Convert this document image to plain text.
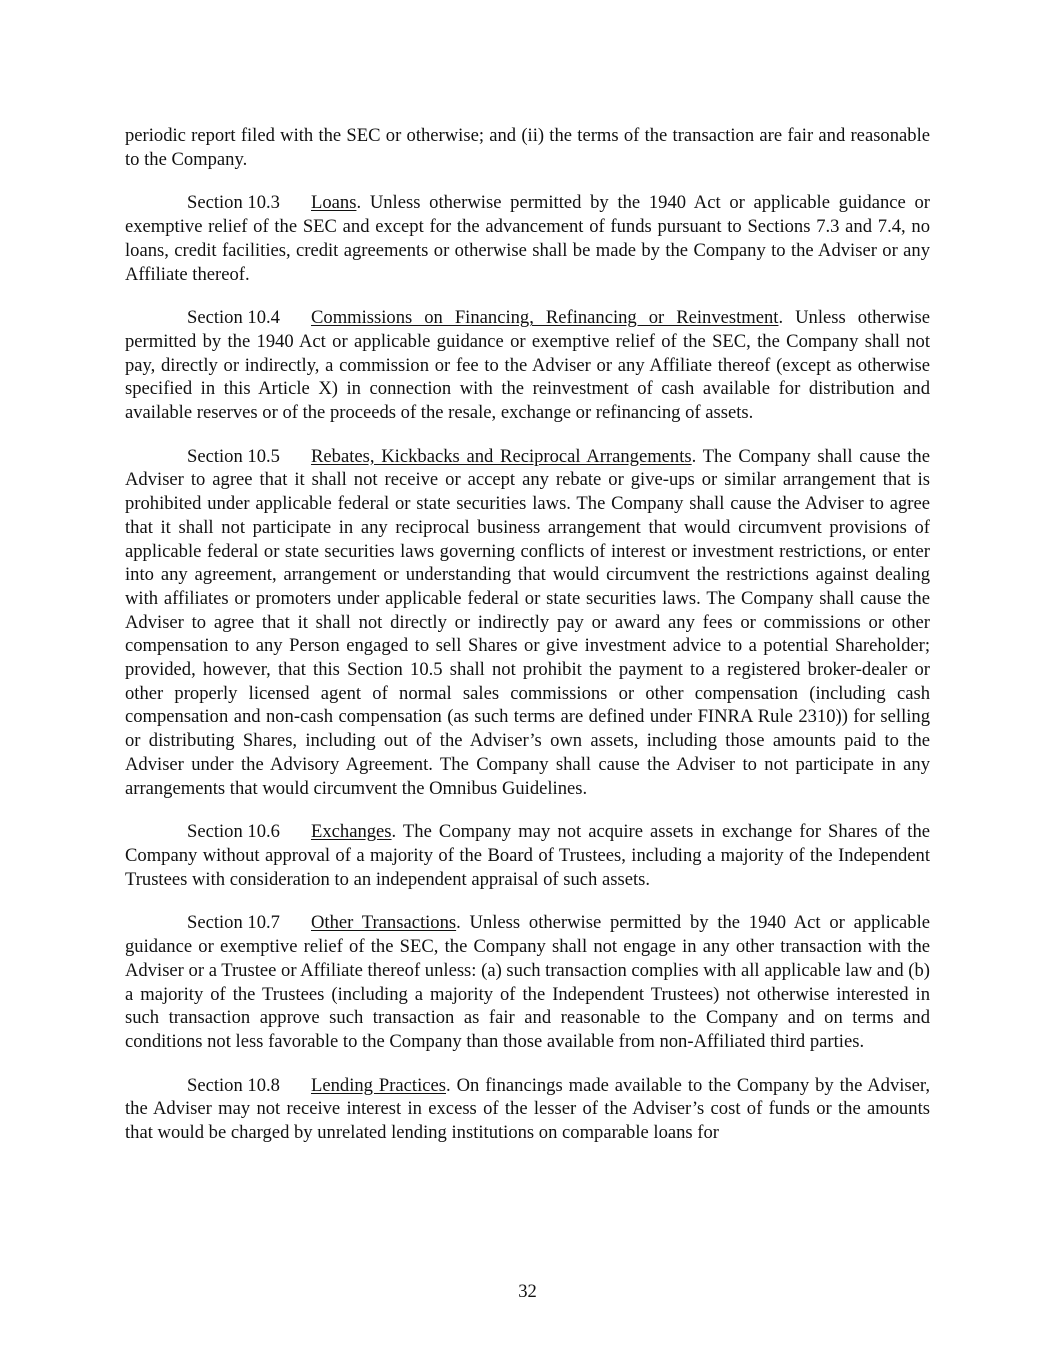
periodic report filed with the SEC or otherwise; and (ii) the terms of the transaction are fair and reasonable to the Company.

Section 10.3 Loans. Unless otherwise permitted by the 1940 Act or applicable guidance or exemptive relief of the SEC and except for the advancement of funds pursuant to Sections 7.3 and 7.4, no loans, credit facilities, credit agreements or otherwise shall be made by the Company to the Adviser or any Affiliate thereof.

Section 10.4 Commissions on Financing, Refinancing or Reinvestment. Unless otherwise permitted by the 1940 Act or applicable guidance or exemptive relief of the SEC, the Company shall not pay, directly or indirectly, a commission or fee to the Adviser or any Affiliate thereof (except as otherwise specified in this Article X) in connection with the reinvestment of cash available for distribution and available reserves or of the proceeds of the resale, exchange or refinancing of assets.

Section 10.5 Rebates, Kickbacks and Reciprocal Arrangements. The Company shall cause the Adviser to agree that it shall not receive or accept any rebate or give-ups or similar arrangement that is prohibited under applicable federal or state securities laws. The Company shall cause the Adviser to agree that it shall not participate in any reciprocal business arrangement that would circumvent provisions of applicable federal or state securities laws governing conflicts of interest or investment restrictions, or enter into any agreement, arrangement or understanding that would circumvent the restrictions against dealing with affiliates or promoters under applicable federal or state securities laws. The Company shall cause the Adviser to agree that it shall not directly or indirectly pay or award any fees or commissions or other compensation to any Person engaged to sell Shares or give investment advice to a potential Shareholder; provided, however, that this Section 10.5 shall not prohibit the payment to a registered broker-dealer or other properly licensed agent of normal sales commissions or other compensation (including cash compensation and non-cash compensation (as such terms are defined under FINRA Rule 2310)) for selling or distributing Shares, including out of the Adviser’s own assets, including those amounts paid to the Adviser under the Advisory Agreement. The Company shall cause the Adviser to not participate in any arrangements that would circumvent the Omnibus Guidelines.

Section 10.6 Exchanges. The Company may not acquire assets in exchange for Shares of the Company without approval of a majority of the Board of Trustees, including a majority of the Independent Trustees with consideration to an independent appraisal of such assets.

Section 10.7 Other Transactions. Unless otherwise permitted by the 1940 Act or applicable guidance or exemptive relief of the SEC, the Company shall not engage in any other transaction with the Adviser or a Trustee or Affiliate thereof unless: (a) such transaction complies with all applicable law and (b) a majority of the Trustees (including a majority of the Independent Trustees) not otherwise interested in such transaction approve such transaction as fair and reasonable to the Company and on terms and conditions not less favorable to the Company than those available from non-Affiliated third parties.

Section 10.8 Lending Practices. On financings made available to the Company by the Adviser, the Adviser may not receive interest in excess of the lesser of the Adviser’s cost of funds or the amounts that would be charged by unrelated lending institutions on comparable loans for

32
